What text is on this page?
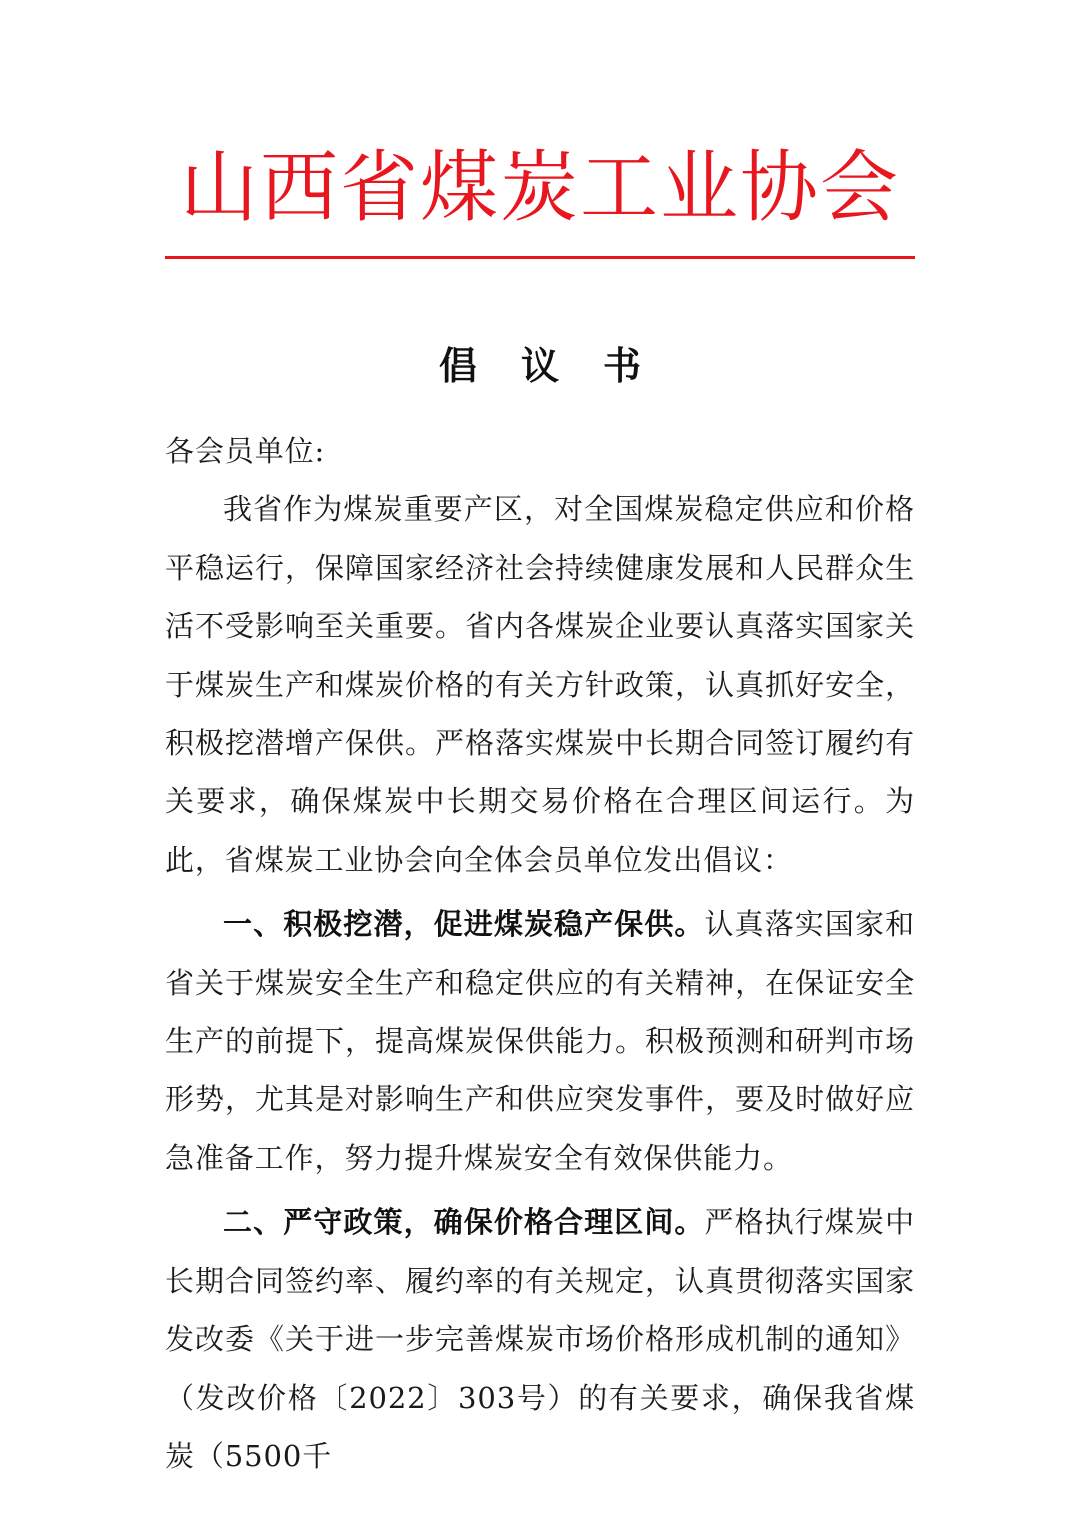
山西省煤炭工业协会
倡 议 书

各会员单位:

我省作为煤炭重要产区，对全国煤炭稳定供应和价格平稳运行，保障国家经济社会持续健康发展和人民群众生活不受影响至关重要。省内各煤炭企业要认真落实国家关于煤炭生产和煤炭价格的有关方针政策，认真抓好安全，积极挖潜增产保供。严格落实煤炭中长期合同签订履约有关要求，确保煤炭中长期交易价格在合理区间运行。为此，省煤炭工业协会向全体会员单位发出倡议：

一、积极挖潜，促进煤炭稳产保供。认真落实国家和省关于煤炭安全生产和稳定供应的有关精神，在保证安全生产的前提下，提高煤炭保供能力。积极预测和研判市场形势，尤其是对影响生产和供应突发事件，要及时做好应急准备工作，努力提升煤炭安全有效保供能力。

二、严守政策，确保价格合理区间。严格执行煤炭中长期合同签约率、履约率的有关规定，认真贯彻落实国家发改委《关于进一步完善煤炭市场价格形成机制的通知》（发改价格〔2022〕303号）的有关要求，确保我省煤炭（5500千
